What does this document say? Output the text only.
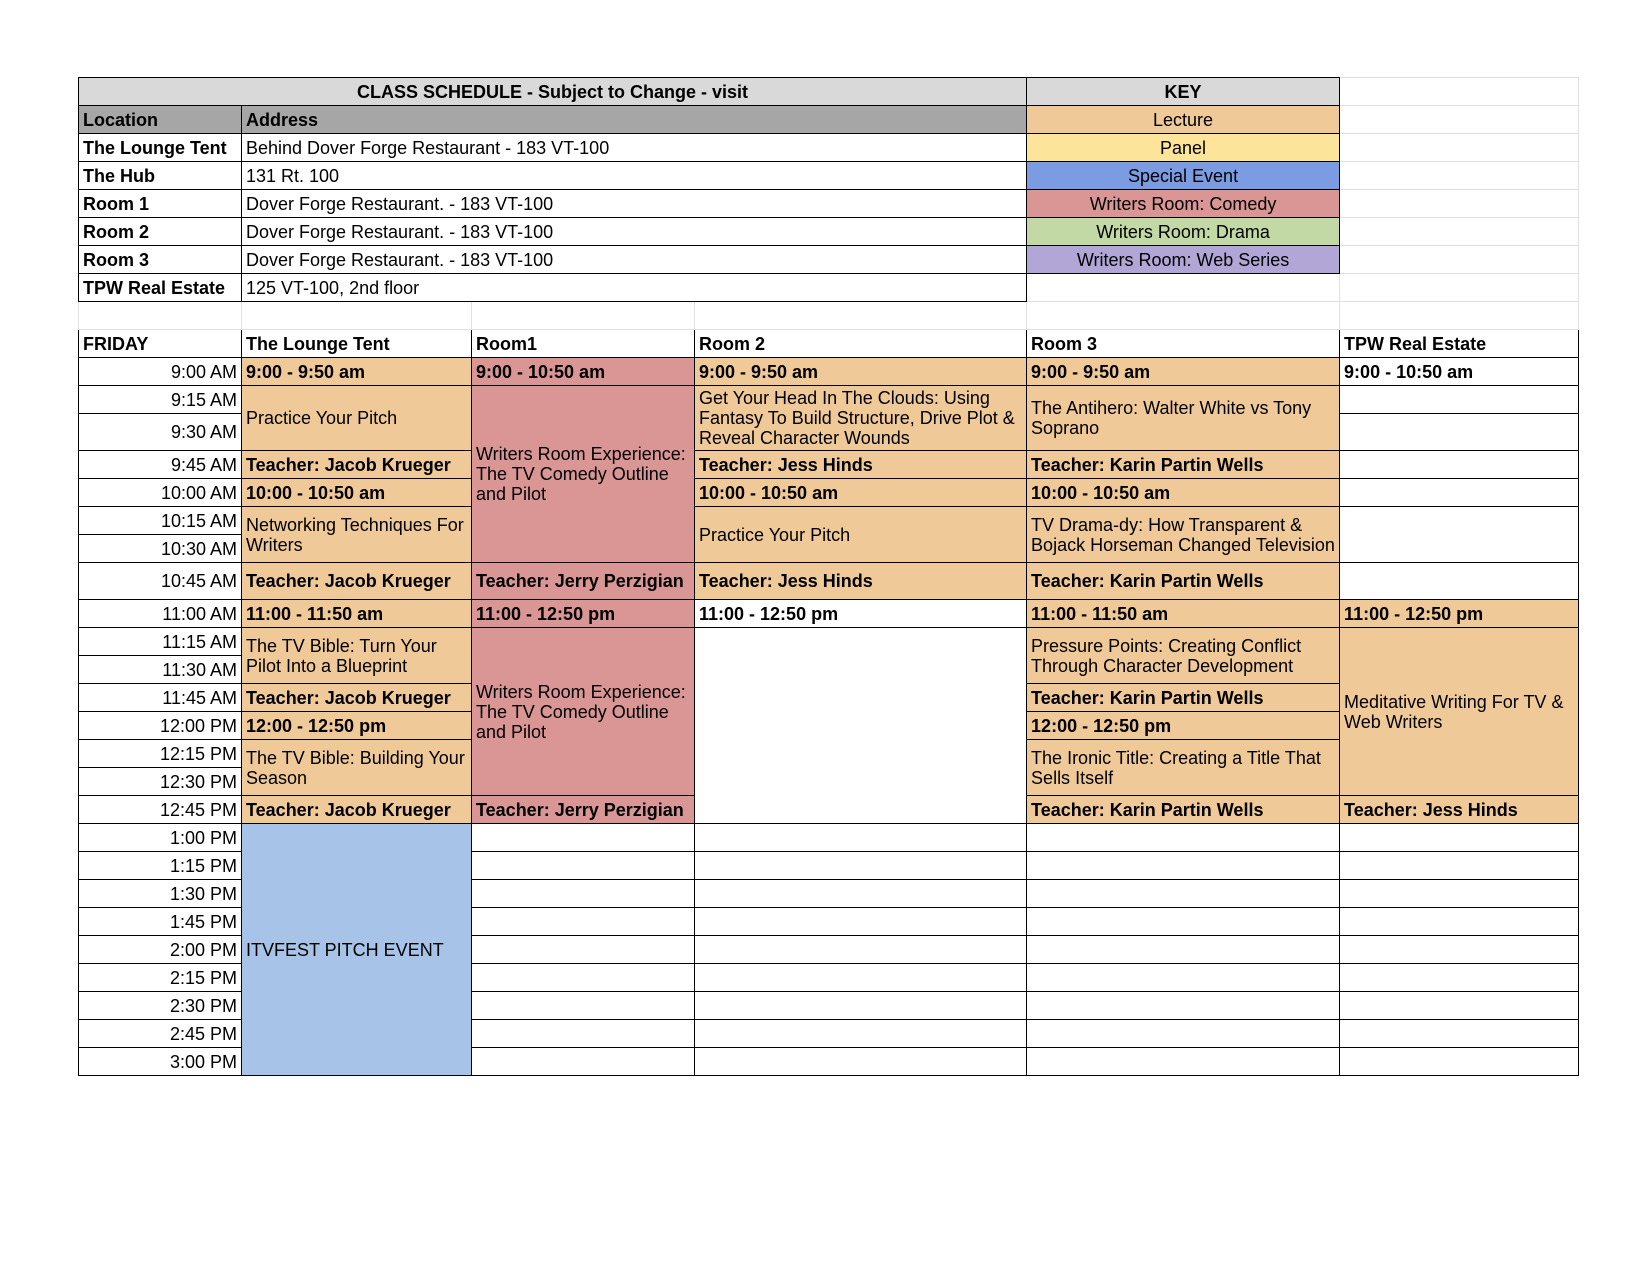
CLASS SCHEDULE - Subject to Change - visit				KEY	
Location	Address			Lecture	
The Lounge Tent	Behind Dover Forge Restaurant - 183 VT-100			Panel	
The Hub	131 Rt. 100			Special Event	
Room 1	Dover Forge Restaurant. - 183 VT-100			Writers Room: Comedy	
Room 2	Dover Forge Restaurant. - 183 VT-100			Writers Room: Drama	
Room 3	Dover Forge Restaurant. - 183 VT-100			Writers Room: Web Series	
TPW Real Estate	125 VT-100, 2nd floor				

FRIDAY	The Lounge Tent	Room1	Room 2	Room 3	TPW Real Estate
9:00 AM	9:00 - 9:50 am	9:00 - 10:50 am	9:00 - 9:50 am	9:00 - 9:50 am	9:00 - 10:50 am
9:15 AM	Practice Your Pitch	Writers Room Experience: The TV Comedy Outline and Pilot	Get Your Head In The Clouds: Using Fantasy To Build Structure, Drive Plot & Reveal Character Wounds	The Antihero: Walter White vs Tony Soprano	
9:30 AM					
9:45 AM	Teacher: Jacob Krueger		Teacher: Jess Hinds	Teacher: Karin Partin Wells	
10:00 AM	10:00 - 10:50 am		10:00 - 10:50 am	10:00 - 10:50 am	
10:15 AM	Networking Techniques For Writers		Practice Your Pitch	TV Drama-dy: How Transparent & Bojack Horseman Changed Television	
10:30 AM					
10:45 AM	Teacher: Jacob Krueger	Teacher: Jerry Perzigian	Teacher: Jess Hinds	Teacher: Karin Partin Wells	
11:00 AM	11:00 - 11:50 am	11:00 - 12:50 pm	11:00 - 12:50 pm	11:00 - 11:50 am	11:00 - 12:50 pm
11:15 AM	The TV Bible: Turn Your Pilot Into a Blueprint	Writers Room Experience: The TV Comedy Outline and Pilot		Pressure Points: Creating Conflict Through Character Development	Meditative Writing For TV & Web Writers
11:30 AM					
11:45 AM	Teacher: Jacob Krueger			Teacher: Karin Partin Wells	
12:00 PM	12:00 - 12:50 pm			12:00 - 12:50 pm	
12:15 PM	The TV Bible: Building Your Season			The Ironic Title: Creating a Title That Sells Itself	
12:30 PM					
12:45 PM	Teacher: Jacob Krueger	Teacher: Jerry Perzigian		Teacher: Karin Partin Wells	Teacher: Jess Hinds
1:00 PM	ITVFEST PITCH EVENT				
1:15 PM					
1:30 PM					
1:45 PM					
2:00 PM					
2:15 PM					
2:30 PM					
2:45 PM					
3:00 PM					
